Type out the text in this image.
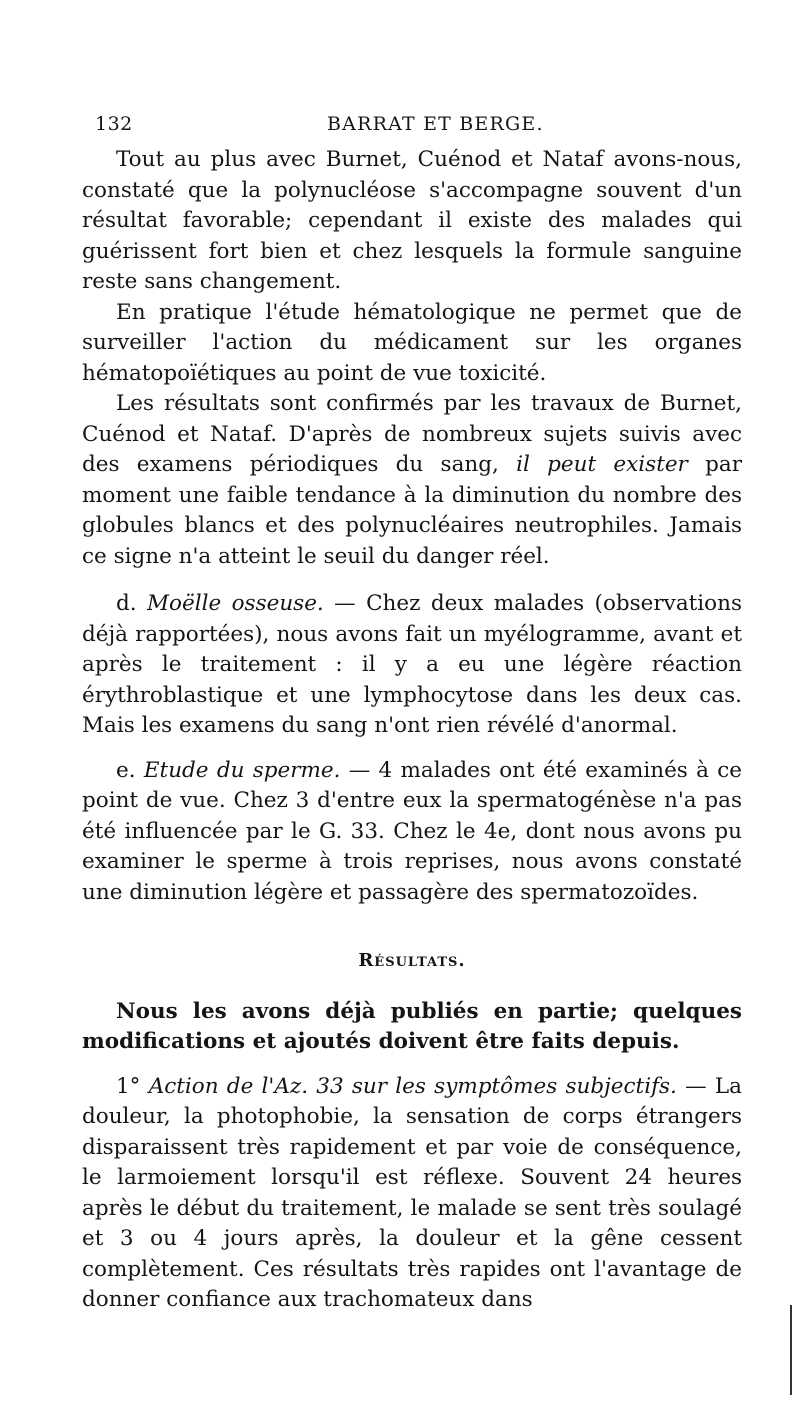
132	BARRAT ET BERGE.

Tout au plus avec Burnet, Cuénod et Nataf avons-nous, constaté que la polynucléose s'accompagne souvent d'un résultat favorable; cependant il existe des malades qui guérissent fort bien et chez lesquels la formule sanguine reste sans changement.

En pratique l'étude hématologique ne permet que de surveiller l'action du médicament sur les organes hématopoïétiques au point de vue toxicité.

Les résultats sont confirmés par les travaux de Burnet, Cuénod et Nataf. D'après de nombreux sujets suivis avec des examens périodiques du sang, il peut exister par moment une faible tendance à la diminution du nombre des globules blancs et des polynucléaires neutrophiles. Jamais ce signe n'a atteint le seuil du danger réel.

d. Moëlle osseuse. — Chez deux malades (observations déjà rapportées), nous avons fait un myélogramme, avant et après le traitement : il y a eu une légère réaction érythroblastique et une lymphocytose dans les deux cas. Mais les examens du sang n'ont rien révélé d'anormal.

e. Etude du sperme. — 4 malades ont été examinés à ce point de vue. Chez 3 d'entre eux la spermatogénèse n'a pas été influencée par le G. 33. Chez le 4e, dont nous avons pu examiner le sperme à trois reprises, nous avons constaté une diminution légère et passagère des spermatozoïdes.

Résultats.

Nous les avons déjà publiés en partie; quelques modifications et ajoutés doivent être faits depuis.

1° Action de l'Az. 33 sur les symptômes subjectifs. — La douleur, la photophobie, la sensation de corps étrangers disparaissent très rapidement et par voie de conséquence, le larmoiement lorsqu'il est réflexe. Souvent 24 heures après le début du traitement, le malade se sent très soulagé et 3 ou 4 jours après, la douleur et la gêne cessent complètement. Ces résultats très rapides ont l'avantage de donner confiance aux trachomateux dans
